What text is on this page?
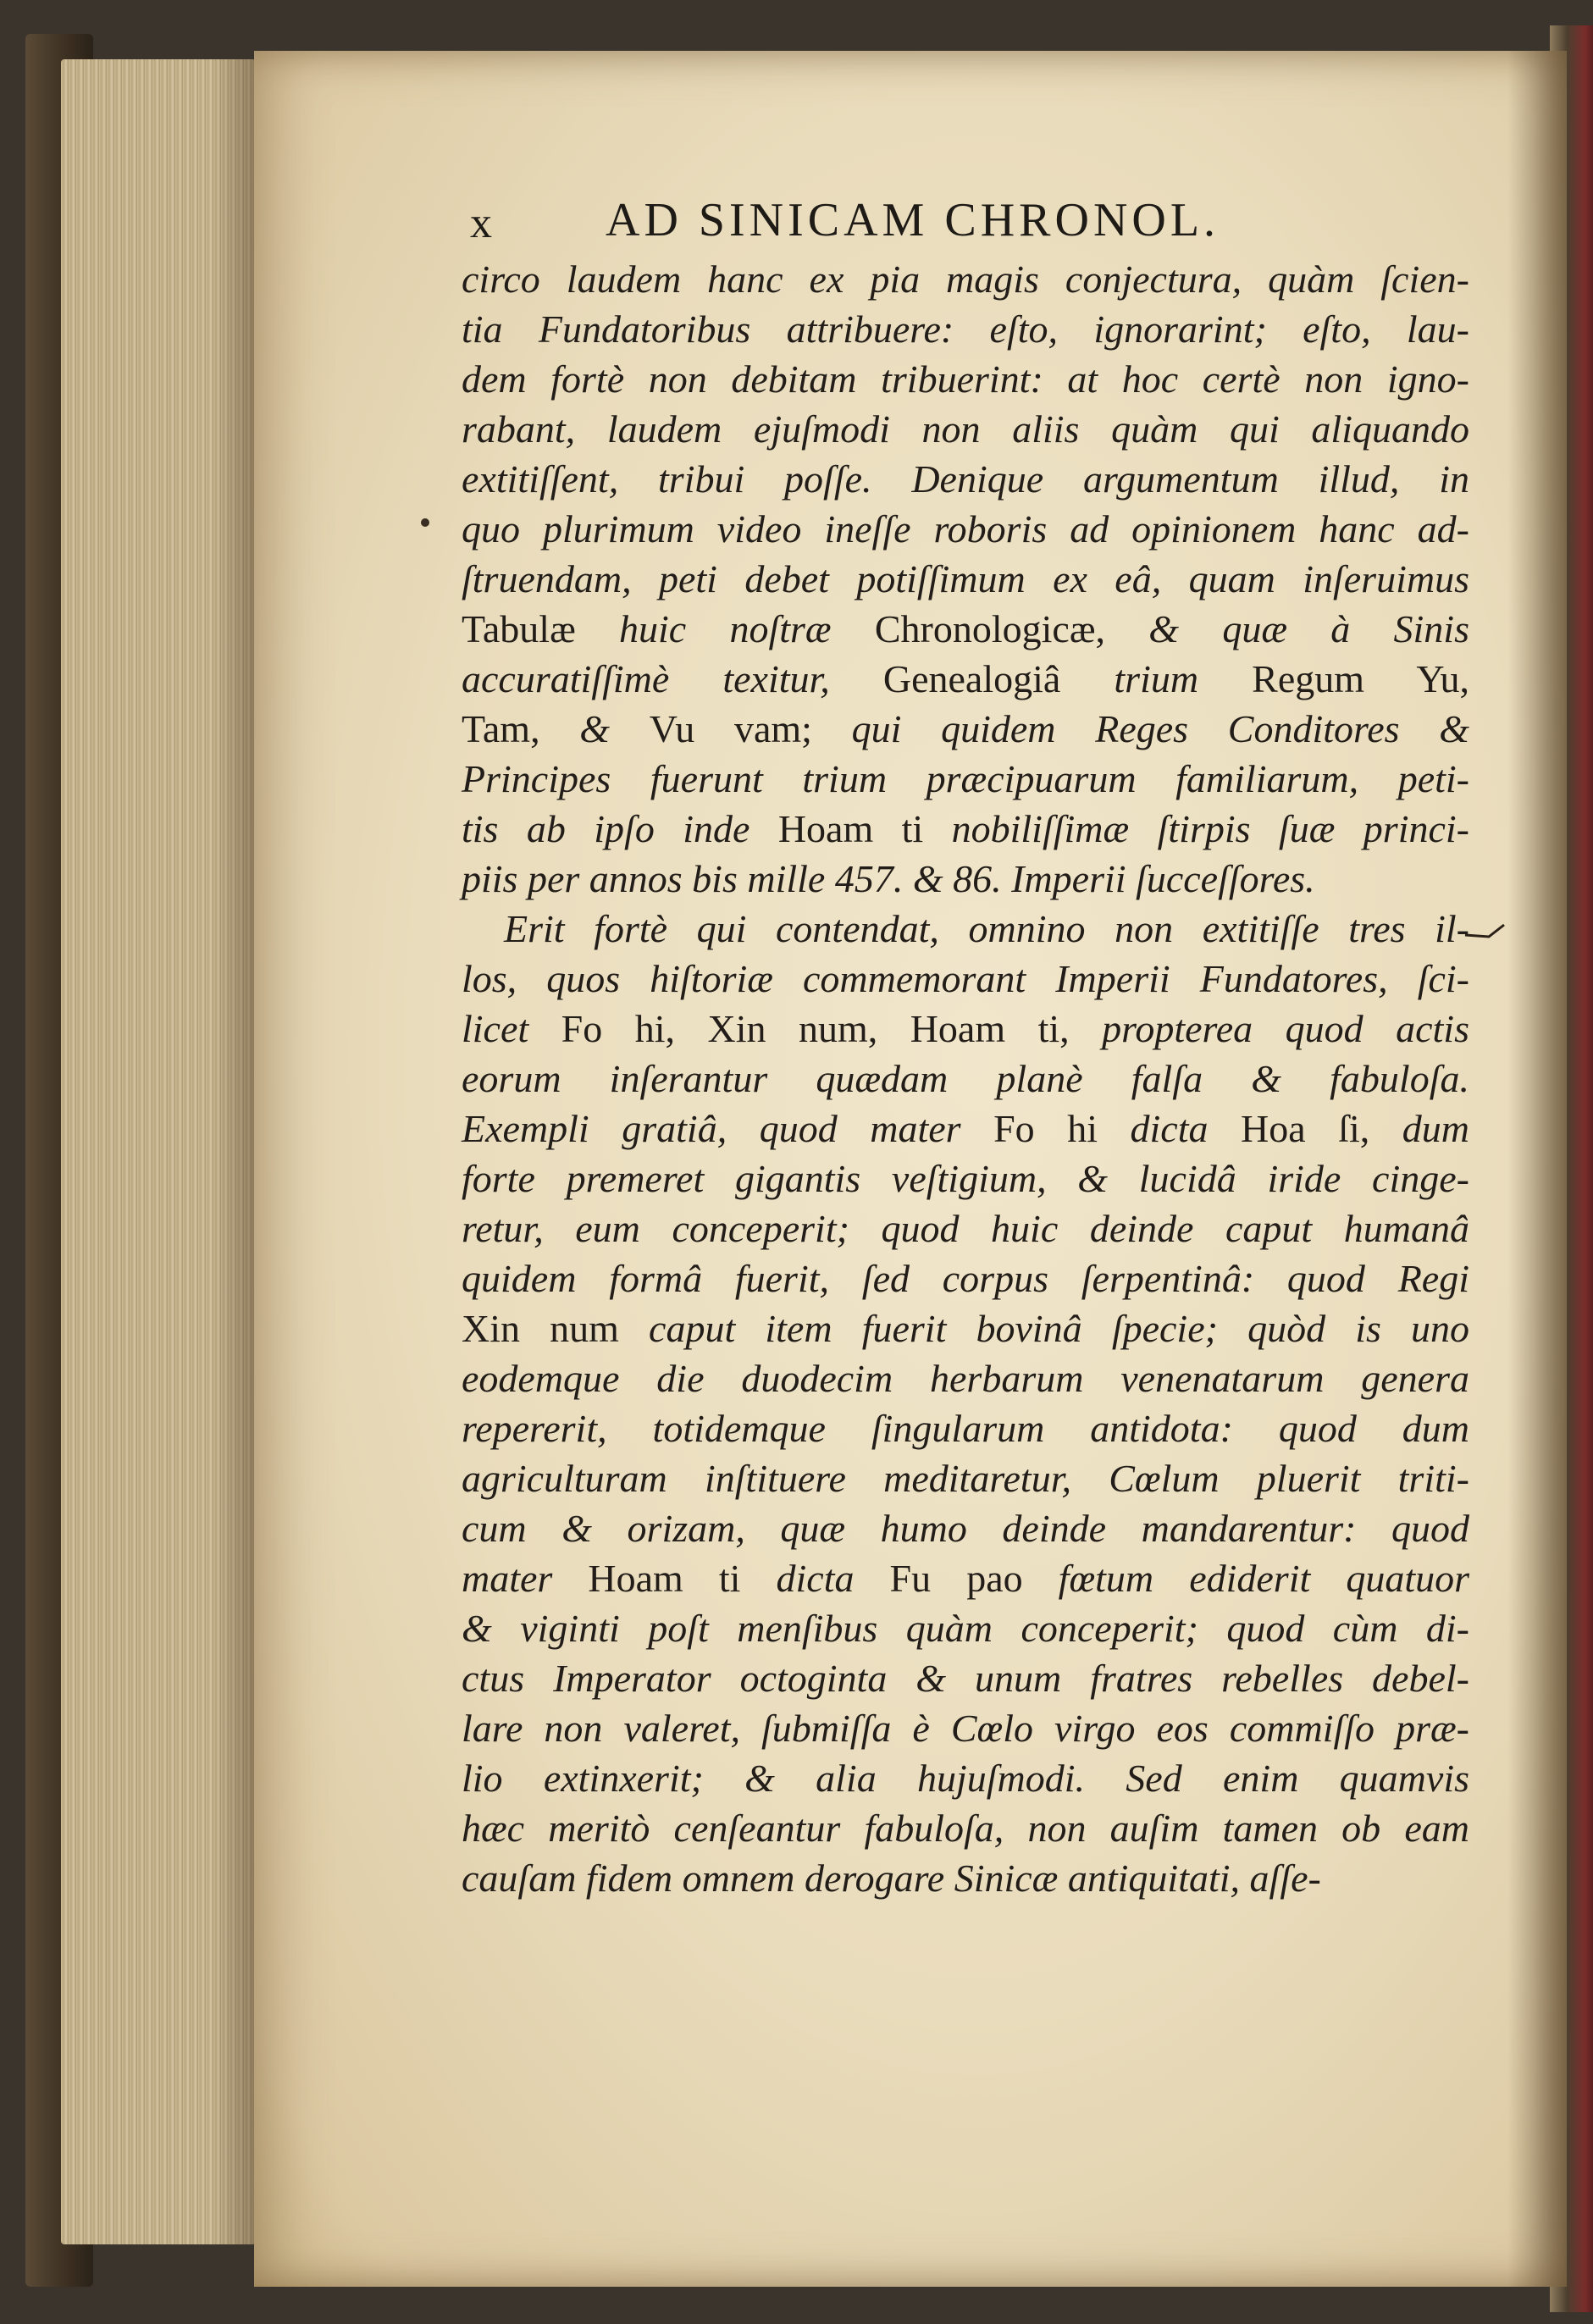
x AD SINICAM CHRONOL.
circo laudem hanc ex pia magis conjectura, quàm ſcien-
tia Fundatoribus attribuere: eſto, ignorarint; eſto, lau-
dem fortè non debitam tribuerint: at hoc certè non igno-
rabant, laudem ejuſmodi non aliis quàm qui aliquando
extitiſſent, tribui poſſe. Denique argumentum illud, in
quo plurimum video ineſſe roboris ad opinionem hanc ad-
ſtruendam, peti debet potiſſimum ex eâ, quam inſeruimus
Tabulæ huic noſtræ Chronologicæ, & quæ à Sinis
accuratiſſimè texitur, Genealogiâ trium Regum Yu,
Tam, & Vu vam; qui quidem Reges Conditores &
Principes fuerunt trium præcipuarum familiarum, peti-
tis ab ipſo inde Hoam ti nobiliſſimæ ſtirpis ſuæ princi-
piis per annos bis mille 457. & 86. Imperii ſucceſſores.
Erit fortè qui contendat, omnino non extitiſſe tres il-
los, quos hiſtoriæ commemorant Imperii Fundatores, ſci-
licet Fo hi, Xin num, Hoam ti, propterea quod actis
eorum inſerantur quædam planè falſa & fabuloſa.
Exempli gratiâ, quod mater Fo hi dicta Hoa ſi, dum
forte premeret gigantis veſtigium, & lucidâ iride cinge-
retur, eum conceperit; quod huic deinde caput humanâ
quidem formâ fuerit, ſed corpus ſerpentinâ: quod Regi
Xin num caput item fuerit bovinâ ſpecie; quòd is uno
eodemque die duodecim herbarum venenatarum genera
repererit, totidemque ſingularum antidota: quod dum
agriculturam inſtituere meditaretur, Cœlum pluerit triti-
cum & orizam, quæ humo deinde mandarentur: quod
mater Hoam ti dicta Fu pao fœtum ediderit quatuor
& viginti poſt menſibus quàm conceperit; quod cùm di-
ctus Imperator octoginta & unum fratres rebelles debel-
lare non valeret, ſubmiſſa è Cœlo virgo eos commiſſo præ-
lio extinxerit; & alia hujuſmodi. Sed enim quamvis
hæc meritò cenſeantur fabuloſa, non auſim tamen ob eam
cauſam fidem omnem derogare Sinicæ antiquitati, aſſe-
